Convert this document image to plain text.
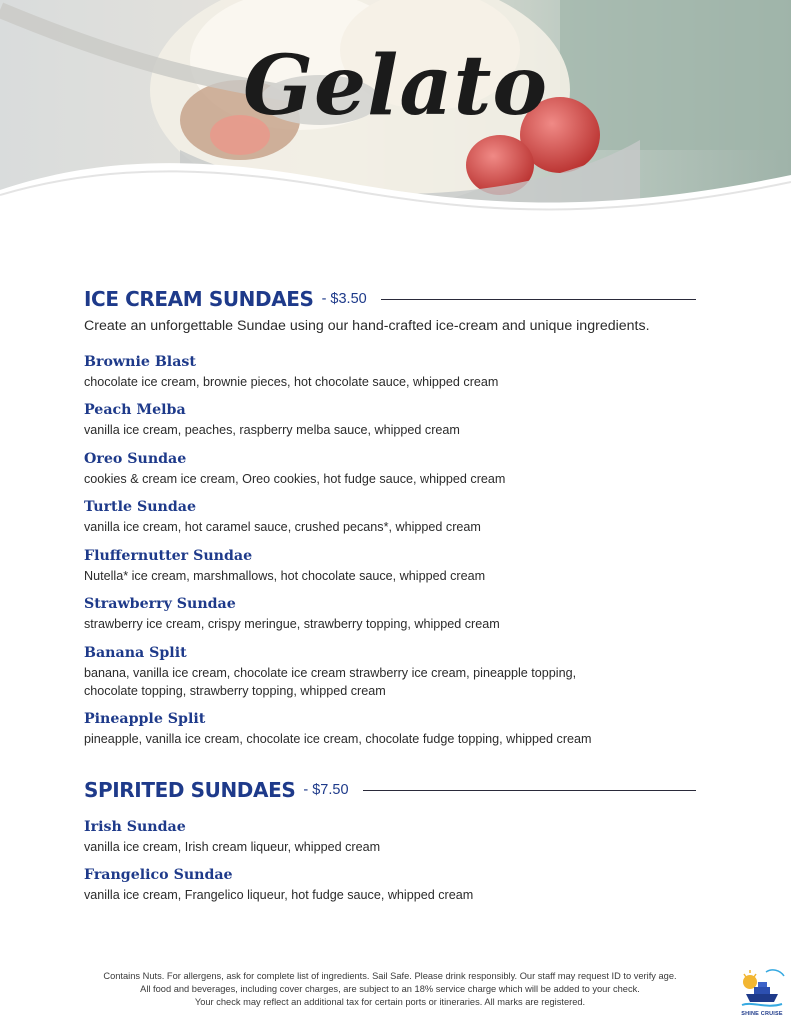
Gelato
ICE CREAM SUNDAES - $3.50
Create an unforgettable Sundae using our hand-crafted ice-cream and unique ingredients.
Brownie Blast
chocolate ice cream, brownie pieces, hot chocolate sauce, whipped cream
Peach Melba
vanilla ice cream, peaches, raspberry melba sauce, whipped cream
Oreo Sundae
cookies & cream ice cream, Oreo cookies, hot fudge sauce, whipped cream
Turtle Sundae
vanilla ice cream, hot caramel sauce, crushed pecans*, whipped cream
Fluffernutter Sundae
Nutella* ice cream, marshmallows, hot chocolate sauce, whipped cream
Strawberry Sundae
strawberry ice cream, crispy meringue, strawberry topping, whipped cream
Banana Split
banana, vanilla ice cream, chocolate ice cream strawberry ice cream, pineapple topping,
chocolate topping, strawberry topping, whipped cream
Pineapple Split
pineapple, vanilla ice cream, chocolate ice cream, chocolate fudge topping, whipped cream
SPIRITED SUNDAES - $7.50
Irish Sundae
vanilla ice cream, Irish cream liqueur, whipped cream
Frangelico Sundae
vanilla ice cream, Frangelico liqueur, hot fudge sauce, whipped cream
Contains Nuts. For allergens, ask for complete list of ingredients. Sail Safe. Please drink responsibly. Our staff may request ID to verify age.
All food and beverages, including cover charges, are subject to an 18% service charge which will be added to your check.
Your check may reflect an additional tax for certain ports or itineraries. All marks are registered.
SHINE CRUISE
